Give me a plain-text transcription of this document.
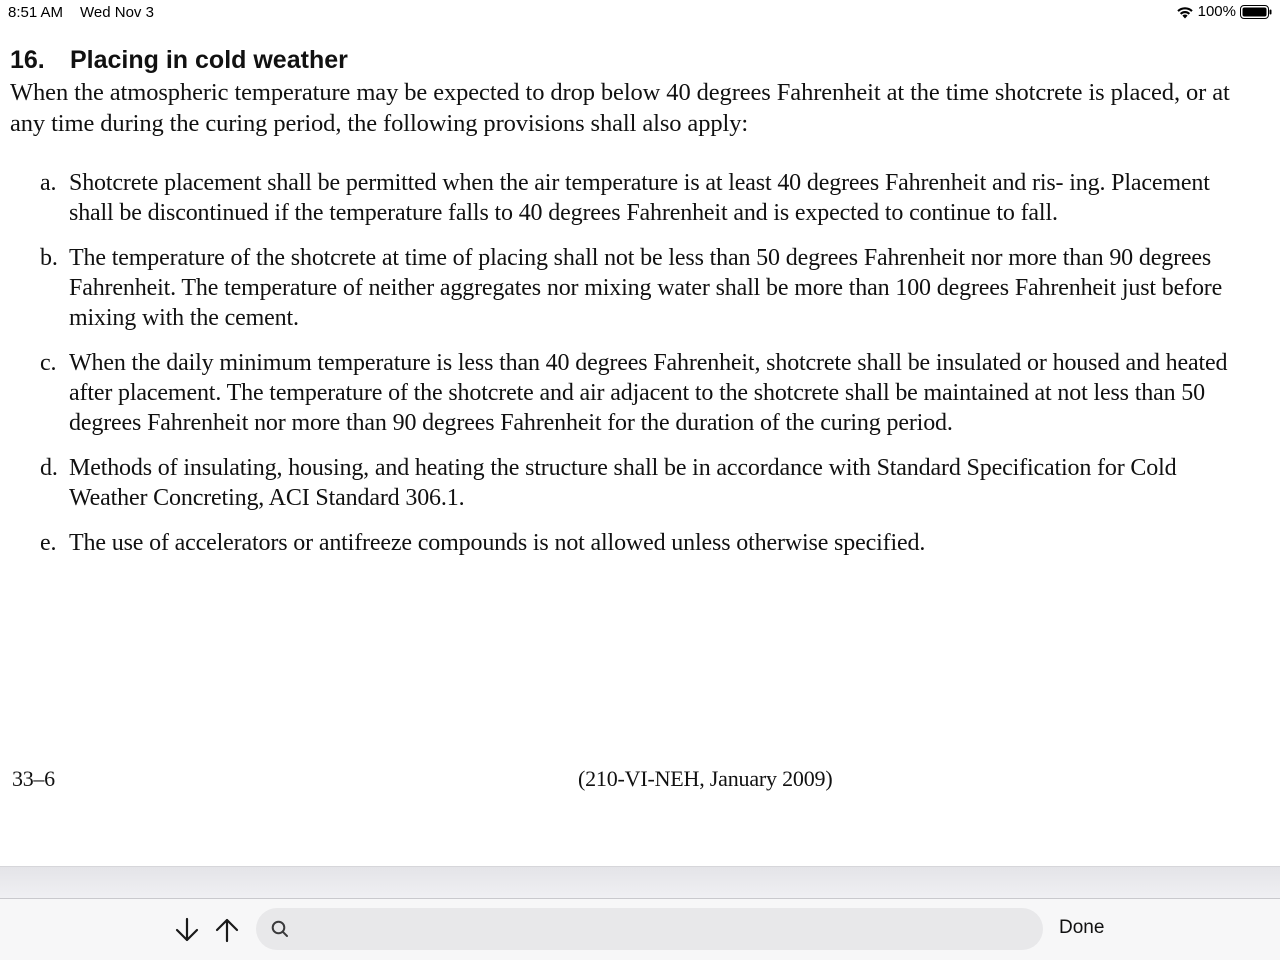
8:51 AM Wed Nov 3	100%
16. Placing in cold weather

When the atmospheric temperature may be expected to drop below 40 degrees Fahrenheit at the time shotcrete is placed, or at any time during the curing period, the following provisions shall also apply:

a. Shotcrete placement shall be permitted when the air temperature is at least 40 degrees Fahrenheit and ris- ing. Placement shall be discontinued if the temperature falls to 40 degrees Fahrenheit and is expected to continue to fall.
b. The temperature of the shotcrete at time of placing shall not be less than 50 degrees Fahrenheit nor more than 90 degrees Fahrenheit. The temperature of neither aggregates nor mixing water shall be more than 100 degrees Fahrenheit just before mixing with the cement.
c. When the daily minimum temperature is less than 40 degrees Fahrenheit, shotcrete shall be insulated or housed and heated after placement. The temperature of the shotcrete and air adjacent to the shotcrete shall be maintained at not less than 50 degrees Fahrenheit nor more than 90 degrees Fahrenheit for the duration of the curing period.
d. Methods of insulating, housing, and heating the structure shall be in accordance with Standard Specification for Cold Weather Concreting, ACI Standard 306.1.
e. The use of accelerators or antifreeze compounds is not allowed unless otherwise specified.
33–6	(210-VI-NEH, January 2009)
Done
